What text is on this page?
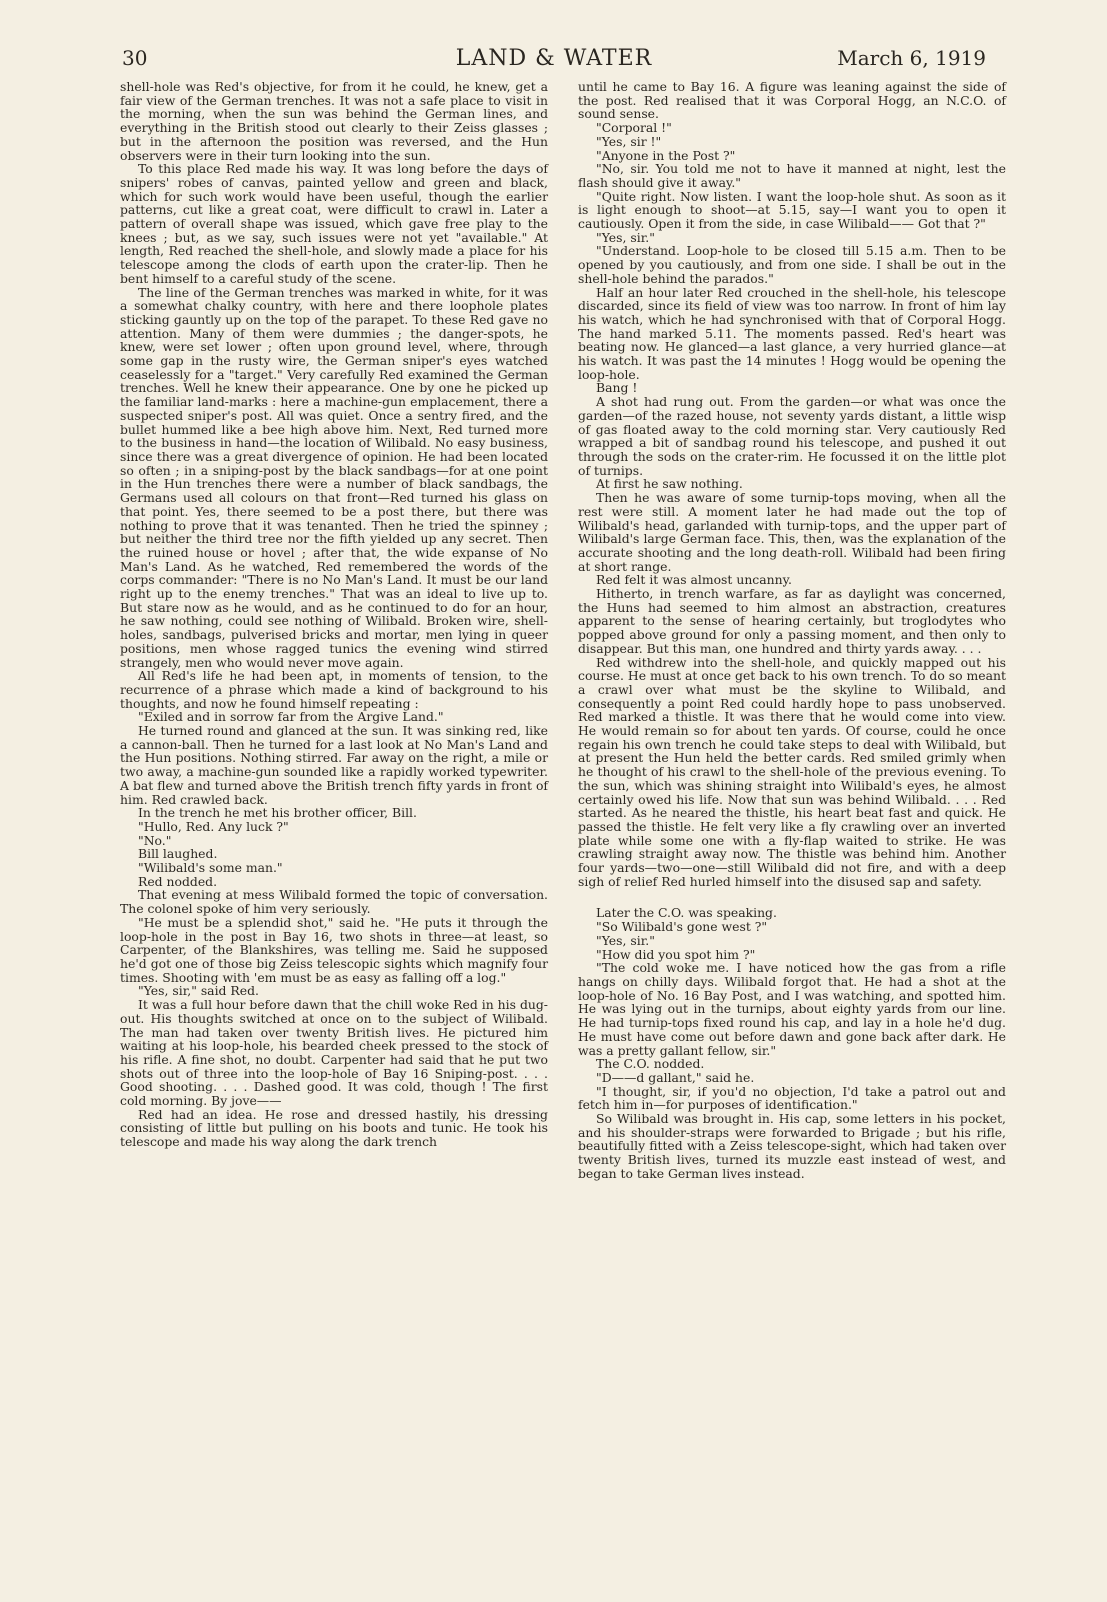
30	LAND & WATER	March 6, 1919

shell-hole was Red's objective, for from it he could, he knew, get a fair view of the German trenches. It was not a safe place to visit in the morning, when the sun was behind the German lines, and everything in the British stood out clearly to their Zeiss glasses ; but in the afternoon the position was reversed, and the Hun observers were in their turn looking into the sun.

To this place Red made his way. It was long before the days of snipers' robes of canvas, painted yellow and green and black, which for such work would have been useful, though the earlier patterns, cut like a great coat, were difficult to crawl in. Later a pattern of overall shape was issued, which gave free play to the knees ; but, as we say, such issues were not yet "available." At length, Red reached the shell-hole, and slowly made a place for his telescope among the clods of earth upon the crater-lip. Then he bent himself to a careful study of the scene.

The line of the German trenches was marked in white, for it was a somewhat chalky country, with here and there loophole plates sticking gauntly up on the top of the parapet. To these Red gave no attention. Many of them were dummies ; the danger-spots, he knew, were set lower ; often upon ground level, where, through some gap in the rusty wire, the German sniper's eyes watched ceaselessly for a "target." Very carefully Red examined the German trenches. Well he knew their appearance. One by one he picked up the familiar land-marks : here a machine-gun emplacement, there a suspected sniper's post. All was quiet. Once a sentry fired, and the bullet hummed like a bee high above him. Next, Red turned more to the business in hand—the location of Wilibald. No easy business, since there was a great divergence of opinion. He had been located so often ; in a sniping-post by the black sandbags—for at one point in the Hun trenches there were a number of black sandbags, the Germans used all colours on that front—Red turned his glass on that point. Yes, there seemed to be a post there, but there was nothing to prove that it was tenanted. Then he tried the spinney ; but neither the third tree nor the fifth yielded up any secret. Then the ruined house or hovel ; after that, the wide expanse of No Man's Land. As he watched, Red remembered the words of the corps commander: "There is no No Man's Land. It must be our land right up to the enemy trenches." That was an ideal to live up to. But stare now as he would, and as he continued to do for an hour, he saw nothing, could see nothing of Wilibald. Broken wire, shell-holes, sandbags, pulverised bricks and mortar, men lying in queer positions, men whose ragged tunics the evening wind stirred strangely, men who would never move again.

All Red's life he had been apt, in moments of tension, to the recurrence of a phrase which made a kind of background to his thoughts, and now he found himself repeating :

"Exiled and in sorrow far from the Argive Land."

He turned round and glanced at the sun. It was sinking red, like a cannon-ball. Then he turned for a last look at No Man's Land and the Hun positions. Nothing stirred. Far away on the right, a mile or two away, a machine-gun sounded like a rapidly worked typewriter. A bat flew and turned above the British trench fifty yards in front of him. Red crawled back.

In the trench he met his brother officer, Bill.

"Hullo, Red. Any luck ?"

"No."

Bill laughed.

"Wilibald's some man."

Red nodded.

That evening at mess Wilibald formed the topic of conversation. The colonel spoke of him very seriously.

"He must be a splendid shot," said he. "He puts it through the loop-hole in the post in Bay 16, two shots in three—at least, so Carpenter, of the Blankshires, was telling me. Said he supposed he'd got one of those big Zeiss telescopic sights which magnify four times. Shooting with 'em must be as easy as falling off a log."

"Yes, sir," said Red.

It was a full hour before dawn that the chill woke Red in his dug-out. His thoughts switched at once on to the subject of Wilibald. The man had taken over twenty British lives. He pictured him waiting at his loop-hole, his bearded cheek pressed to the stock of his rifle. A fine shot, no doubt. Carpenter had said that he put two shots out of three into the loop-hole of Bay 16 Sniping-post. . . . Good shooting. . . . Dashed good. It was cold, though ! The first cold morning. By jove——

Red had an idea. He rose and dressed hastily, his dressing consisting of little but pulling on his boots and tunic. He took his telescope and made his way along the dark trench

until he came to Bay 16. A figure was leaning against the side of the post. Red realised that it was Corporal Hogg, an N.C.O. of sound sense.

"Corporal !"

"Yes, sir !"

"Anyone in the Post ?"

"No, sir. You told me not to have it manned at night, lest the flash should give it away."

"Quite right. Now listen. I want the loop-hole shut. As soon as it is light enough to shoot—at 5.15, say—I want you to open it cautiously. Open it from the side, in case Wilibald—— Got that ?"

"Yes, sir."

"Understand. Loop-hole to be closed till 5.15 a.m. Then to be opened by you cautiously, and from one side. I shall be out in the shell-hole behind the parados."

Half an hour later Red crouched in the shell-hole, his telescope discarded, since its field of view was too narrow. In front of him lay his watch, which he had synchronised with that of Corporal Hogg. The hand marked 5.11. The moments passed. Red's heart was beating now. He glanced—a last glance, a very hurried glance—at his watch. It was past the 14 minutes ! Hogg would be opening the loop-hole.

Bang !

A shot had rung out. From the garden—or what was once the garden—of the razed house, not seventy yards distant, a little wisp of gas floated away to the cold morning star. Very cautiously Red wrapped a bit of sandbag round his telescope, and pushed it out through the sods on the crater-rim. He focussed it on the little plot of turnips.

At first he saw nothing.

Then he was aware of some turnip-tops moving, when all the rest were still. A moment later he had made out the top of Wilibald's head, garlanded with turnip-tops, and the upper part of Wilibald's large German face. This, then, was the explanation of the accurate shooting and the long death-roll. Wilibald had been firing at short range.

Red felt it was almost uncanny.

Hitherto, in trench warfare, as far as daylight was concerned, the Huns had seemed to him almost an abstraction, creatures apparent to the sense of hearing certainly, but troglodytes who popped above ground for only a passing moment, and then only to disappear. But this man, one hundred and thirty yards away. . . .

Red withdrew into the shell-hole, and quickly mapped out his course. He must at once get back to his own trench. To do so meant a crawl over what must be the skyline to Wilibald, and consequently a point Red could hardly hope to pass unobserved. Red marked a thistle. It was there that he would come into view. He would remain so for about ten yards. Of course, could he once regain his own trench he could take steps to deal with Wilibald, but at present the Hun held the better cards. Red smiled grimly when he thought of his crawl to the shell-hole of the previous evening. To the sun, which was shining straight into Wilibald's eyes, he almost certainly owed his life. Now that sun was behind Wilibald. . . . Red started. As he neared the thistle, his heart beat fast and quick. He passed the thistle. He felt very like a fly crawling over an inverted plate while some one with a fly-flap waited to strike. He was crawling straight away now. The thistle was behind him. Another four yards—two—one—still Wilibald did not fire, and with a deep sigh of relief Red hurled himself into the disused sap and safety.

Later the C.O. was speaking.

"So Wilibald's gone west ?"

"Yes, sir."

"How did you spot him ?"

"The cold woke me. I have noticed how the gas from a rifle hangs on chilly days. Wilibald forgot that. He had a shot at the loop-hole of No. 16 Bay Post, and I was watching, and spotted him. He was lying out in the turnips, about eighty yards from our line. He had turnip-tops fixed round his cap, and lay in a hole he'd dug. He must have come out before dawn and gone back after dark. He was a pretty gallant fellow, sir."

The C.O. nodded.

"D——d gallant," said he.

"I thought, sir, if you'd no objection, I'd take a patrol out and fetch him in—for purposes of identification."

So Wilibald was brought in. His cap, some letters in his pocket, and his shoulder-straps were forwarded to Brigade ; but his rifle, beautifully fitted with a Zeiss telescope-sight, which had taken over twenty British lives, turned its muzzle east instead of west, and began to take German lives instead.
